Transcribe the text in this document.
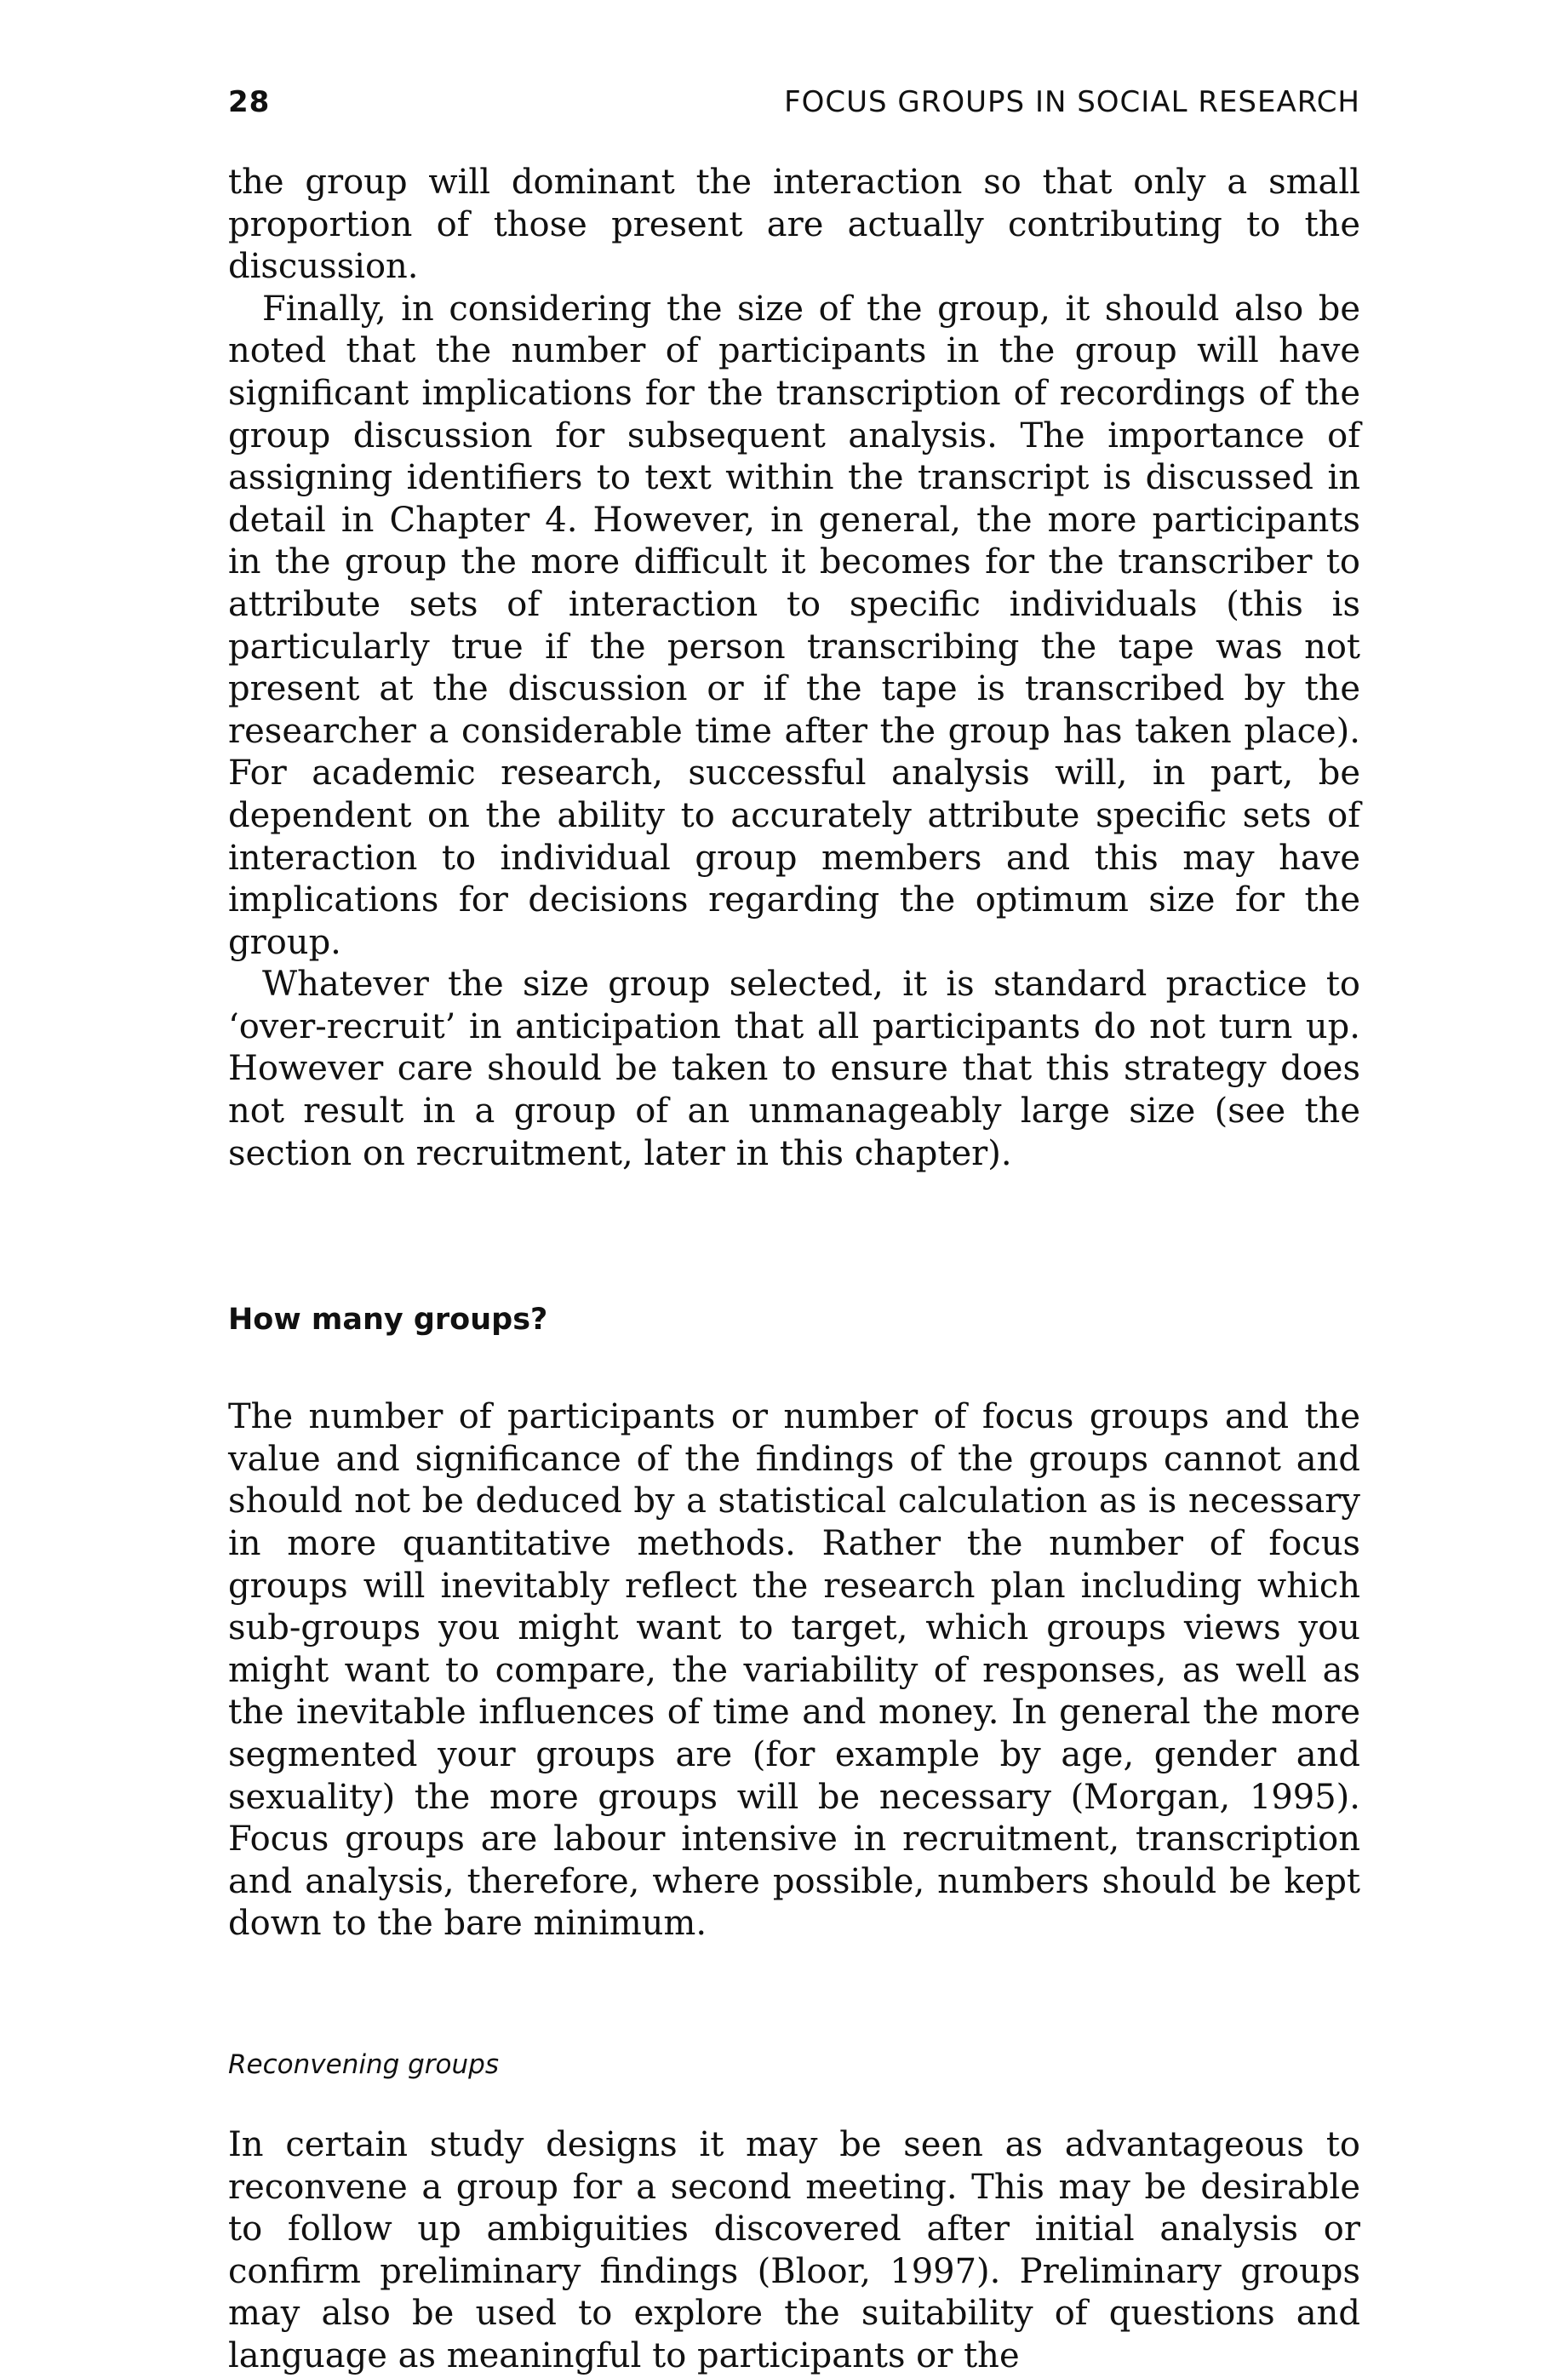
28	FOCUS GROUPS IN SOCIAL RESEARCH

the group will dominant the interaction so that only a small proportion of those present are actually contributing to the discussion.

Finally, in considering the size of the group, it should also be noted that the number of participants in the group will have significant implications for the transcription of recordings of the group discussion for subsequent analysis. The importance of assigning identifiers to text within the transcript is discussed in detail in Chapter 4. However, in general, the more participants in the group the more difficult it becomes for the transcriber to attribute sets of interaction to specific individuals (this is particularly true if the person transcribing the tape was not present at the discussion or if the tape is transcribed by the researcher a considerable time after the group has taken place). For academic research, successful analysis will, in part, be dependent on the ability to accurately attribute specific sets of interaction to individual group members and this may have implications for decisions regarding the optimum size for the group.

Whatever the size group selected, it is standard practice to ‘over-recruit’ in anticipation that all participants do not turn up. However care should be taken to ensure that this strategy does not result in a group of an unmanageably large size (see the section on recruitment, later in this chapter).

How many groups?

The number of participants or number of focus groups and the value and significance of the findings of the groups cannot and should not be deduced by a statistical calculation as is necessary in more quantitative methods. Rather the number of focus groups will inevitably reflect the research plan including which sub-groups you might want to target, which groups views you might want to compare, the variability of responses, as well as the inevitable influences of time and money. In general the more segmented your groups are (for example by age, gender and sexuality) the more groups will be necessary (Morgan, 1995). Focus groups are labour intensive in recruitment, transcription and analysis, therefore, where possible, numbers should be kept down to the bare minimum.

Reconvening groups

In certain study designs it may be seen as advantageous to reconvene a group for a second meeting. This may be desirable to follow up ambiguities discovered after initial analysis or confirm preliminary findings (Bloor, 1997). Preliminary groups may also be used to explore the suitability of questions and language as meaningful to participants or the
